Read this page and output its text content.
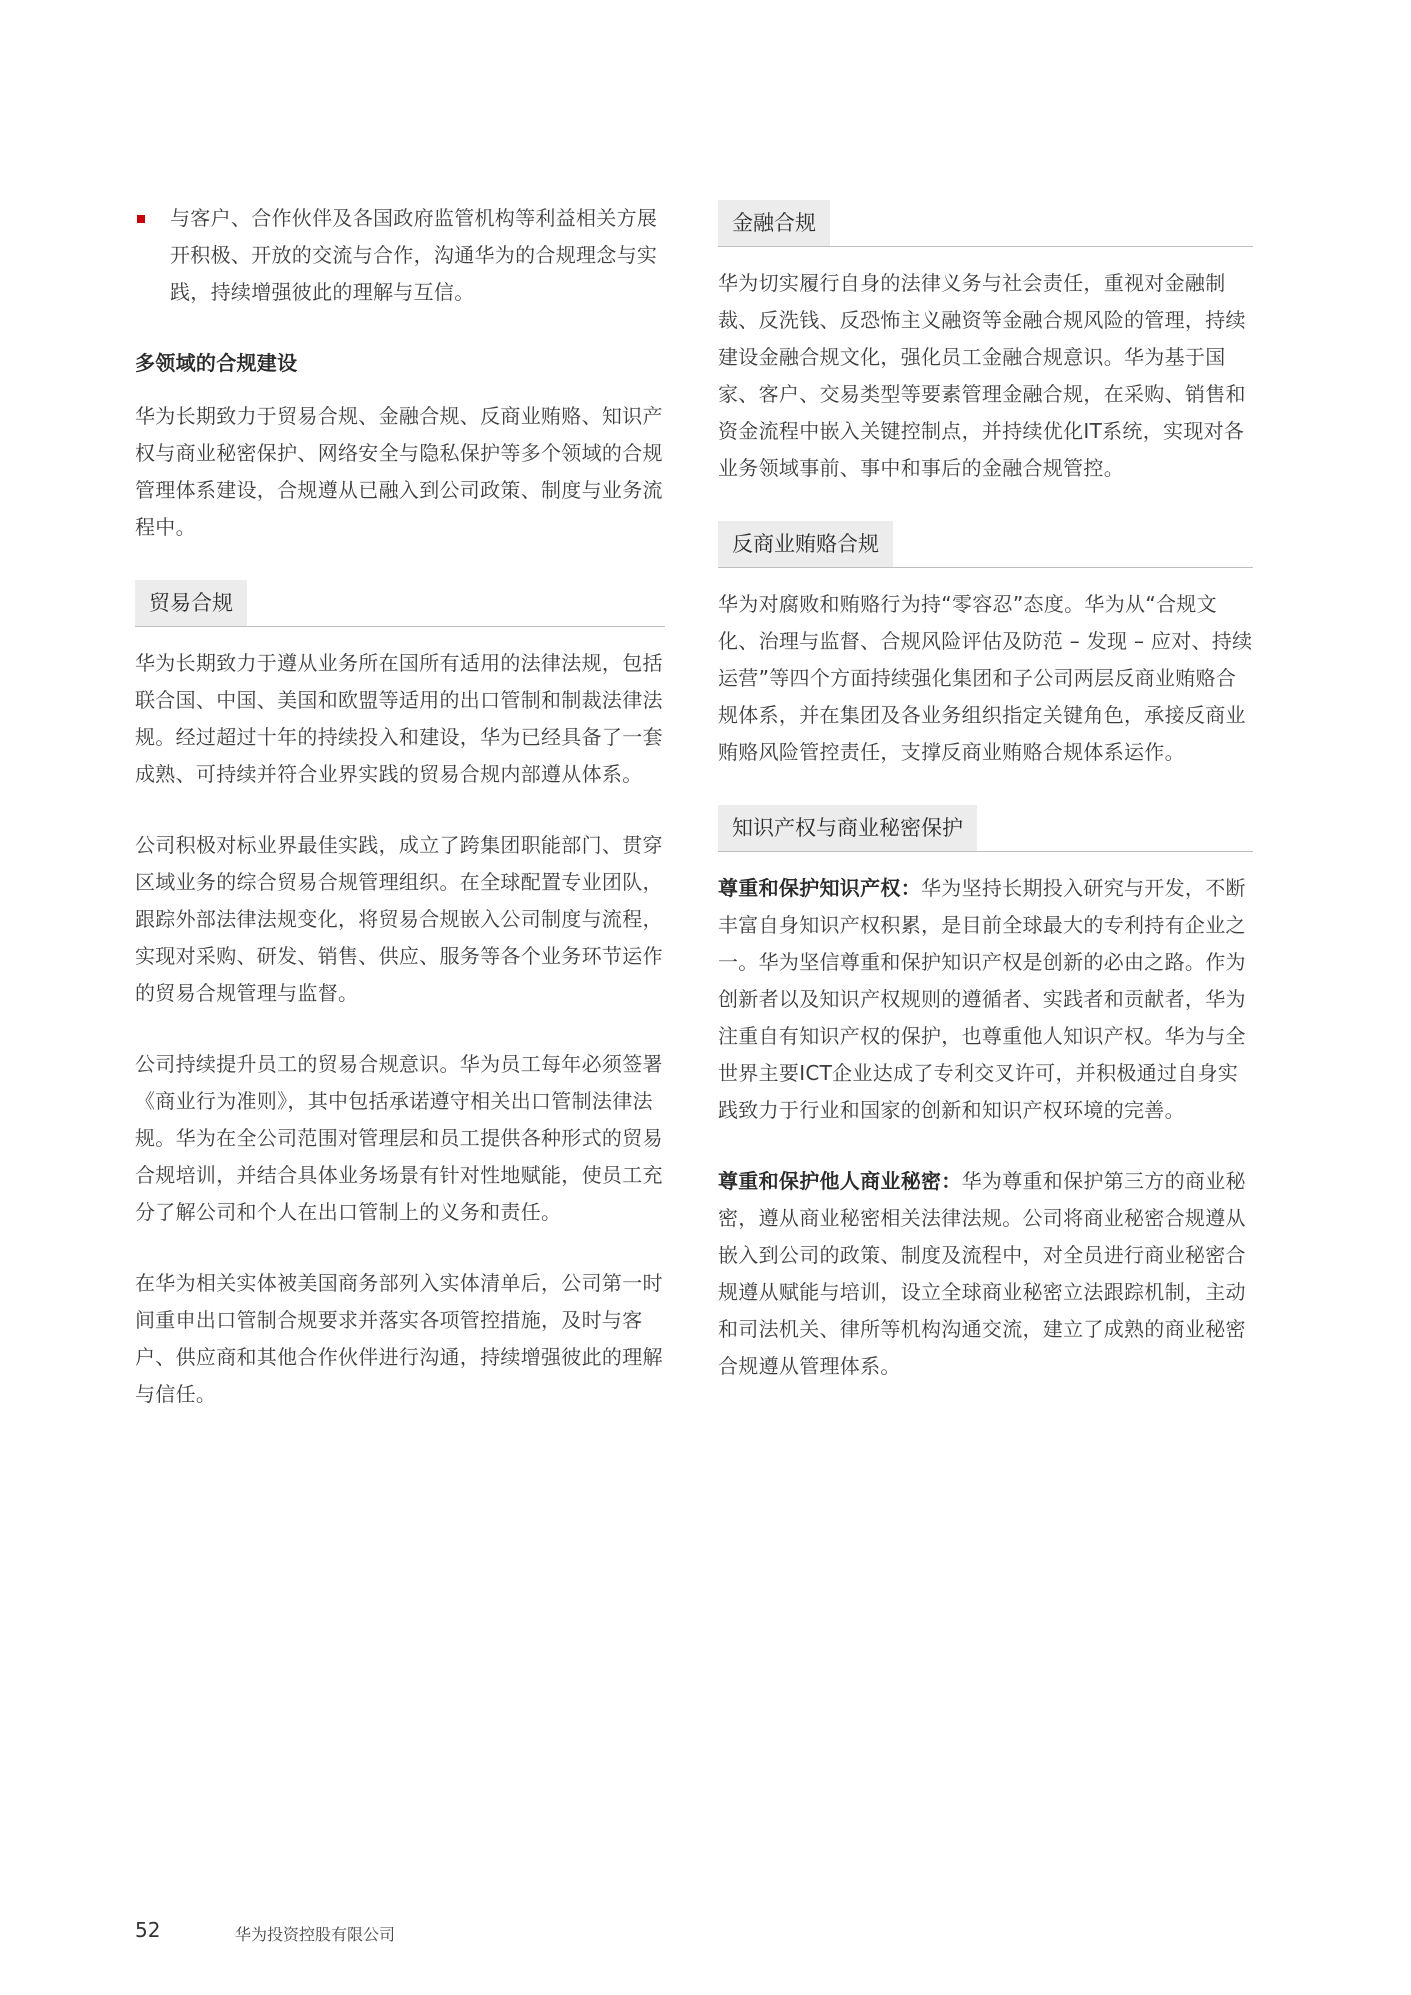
与客户、合作伙伴及各国政府监管机构等利益相关方展开积极、开放的交流与合作，沟通华为的合规理念与实践，持续增强彼此的理解与互信。

多领域的合规建设

华为长期致力于贸易合规、金融合规、反商业贿赂、知识产权与商业秘密保护、网络安全与隐私保护等多个领域的合规管理体系建设，合规遵从已融入到公司政策、制度与业务流程中。

贸易合规

华为长期致力于遵从业务所在国所有适用的法律法规，包括联合国、中国、美国和欧盟等适用的出口管制和制裁法律法规。经过超过十年的持续投入和建设，华为已经具备了一套成熟、可持续并符合业界实践的贸易合规内部遵从体系。

公司积极对标业界最佳实践，成立了跨集团职能部门、贯穿区域业务的综合贸易合规管理组织。在全球配置专业团队，跟踪外部法律法规变化，将贸易合规嵌入公司制度与流程，实现对采购、研发、销售、供应、服务等各个业务环节运作的贸易合规管理与监督。

公司持续提升员工的贸易合规意识。华为员工每年必须签署《商业行为准则》，其中包括承诺遵守相关出口管制法律法规。华为在全公司范围对管理层和员工提供各种形式的贸易合规培训，并结合具体业务场景有针对性地赋能，使员工充分了解公司和个人在出口管制上的义务和责任。

在华为相关实体被美国商务部列入实体清单后，公司第一时间重申出口管制合规要求并落实各项管控措施，及时与客户、供应商和其他合作伙伴进行沟通，持续增强彼此的理解与信任。

金融合规

华为切实履行自身的法律义务与社会责任，重视对金融制裁、反洗钱、反恐怖主义融资等金融合规风险的管理，持续建设金融合规文化，强化员工金融合规意识。华为基于国家、客户、交易类型等要素管理金融合规，在采购、销售和资金流程中嵌入关键控制点，并持续优化IT系统，实现对各业务领域事前、事中和事后的金融合规管控。

反商业贿赂合规

华为对腐败和贿赂行为持“零容忍”态度。华为从“合规文化、治理与监督、合规风险评估及防范 – 发现 – 应对、持续运营”等四个方面持续强化集团和子公司两层反商业贿赂合规体系，并在集团及各业务组织指定关键角色，承接反商业贿赂风险管控责任，支撑反商业贿赂合规体系运作。

知识产权与商业秘密保护

尊重和保护知识产权：华为坚持长期投入研究与开发，不断丰富自身知识产权积累，是目前全球最大的专利持有企业之一。华为坚信尊重和保护知识产权是创新的必由之路。作为创新者以及知识产权规则的遵循者、实践者和贡献者，华为注重自有知识产权的保护，也尊重他人知识产权。华为与全世界主要ICT企业达成了专利交叉许可，并积极通过自身实践致力于行业和国家的创新和知识产权环境的完善。

尊重和保护他人商业秘密：华为尊重和保护第三方的商业秘密，遵从商业秘密相关法律法规。公司将商业秘密合规遵从嵌入到公司的政策、制度及流程中，对全员进行商业秘密合规遵从赋能与培训，设立全球商业秘密立法跟踪机制，主动和司法机关、律所等机构沟通交流，建立了成熟的商业秘密合规遵从管理体系。

52	华为投资控股有限公司
